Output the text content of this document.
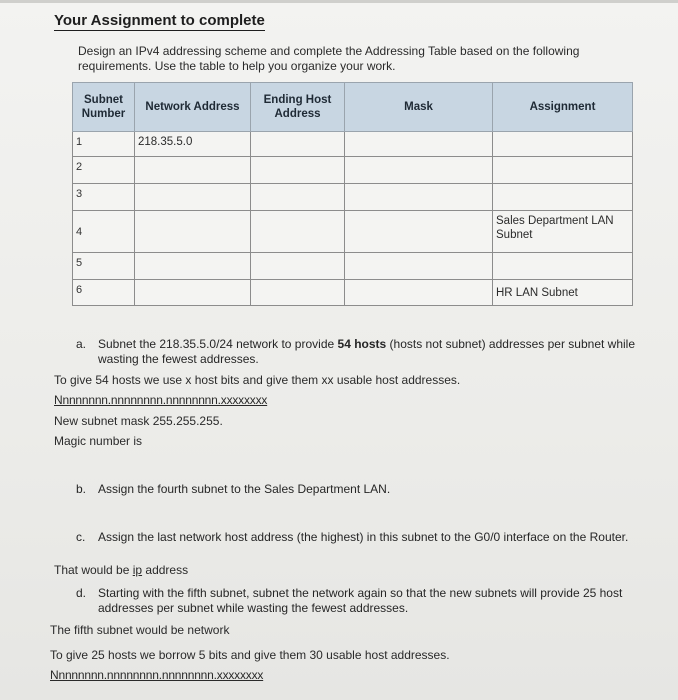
Your Assignment to complete
Design an IPv4 addressing scheme and complete the Addressing Table based on the following requirements. Use the table to help you organize your work.
Subnet Number	Network Address	Ending Host Address	Mask	Assignment
1	218.35.5.0			
2				
3				
4				Sales Department LAN Subnet
5				
6				HR LAN Subnet
a. Subnet the 218.35.5.0/24 network to provide 54 hosts (hosts not subnet) addresses per subnet while wasting the fewest addresses.
To give 54 hosts we use x host bits and give them xx usable host addresses.
Nnnnnnnn.nnnnnnnn.nnnnnnnn.xxxxxxxx
New subnet mask 255.255.255.
Magic number is
b. Assign the fourth subnet to the Sales Department LAN.
c.	Assign the last network host address (the highest) in this subnet to the G0/0 interface on the Router.
That would be ip address
d. Starting with the fifth subnet, subnet the network again so that the new subnets will provide 25 host addresses per subnet while wasting the fewest addresses.
The fifth subnet would be network
To give 25 hosts we borrow 5 bits and give them 30 usable host addresses.
Nnnnnnnn.nnnnnnnn.nnnnnnnn.xxxxxxxx
